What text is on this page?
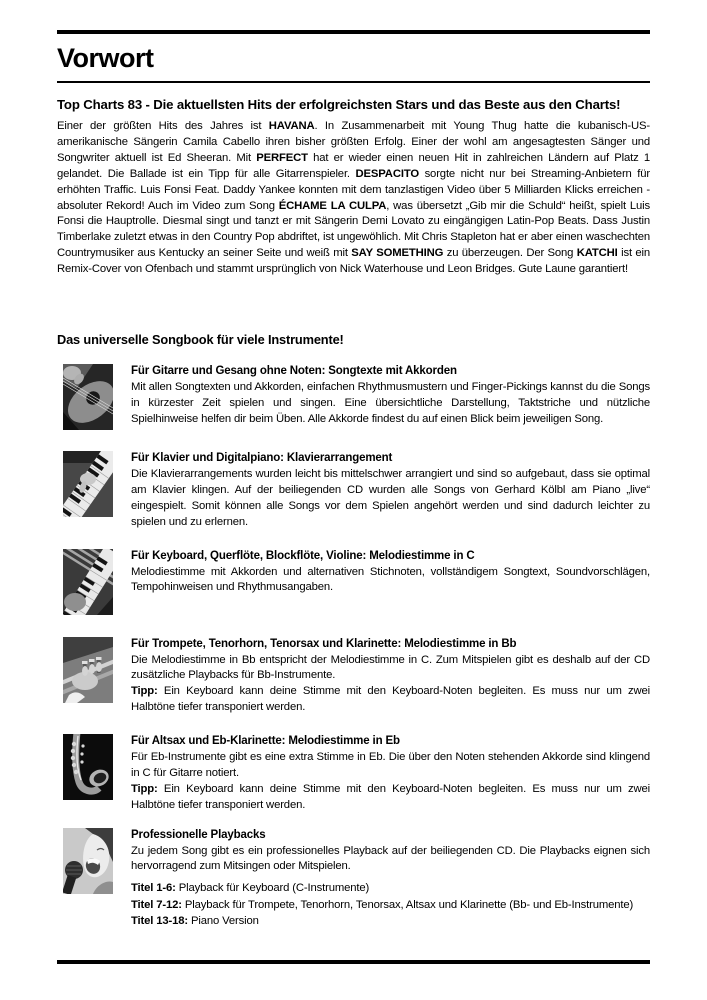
Vorwort

Top Charts 83 - Die aktuellsten Hits der erfolgreichsten Stars und das Beste aus den Charts!

Einer der größten Hits des Jahres ist HAVANA. In Zusammenarbeit mit Young Thug hatte die kubanisch-US-amerikanische Sängerin Camila Cabello ihren bisher größten Erfolg. Einer der wohl am angesagtesten Sänger und Songwriter aktuell ist Ed Sheeran. Mit PERFECT hat er wieder einen neuen Hit in zahlreichen Ländern auf Platz 1 gelandet. Die Ballade ist ein Tipp für alle Gitarrenspieler. DESPACITO sorgte nicht nur bei Streaming-Anbietern für erhöhten Traffic. Luis Fonsi Feat. Daddy Yankee konnten mit dem tanzlastigen Video über 5 Milliarden Klicks erreichen - absoluter Rekord! Auch im Video zum Song ÉCHAME LA CULPA, was übersetzt „Gib mir die Schuld“ heißt, spielt Luis Fonsi die Hauptrolle. Diesmal singt und tanzt er mit Sängerin Demi Lovato zu eingängigen Latin-Pop Beats. Dass Justin Timberlake zuletzt etwas in den Country Pop abdriftet, ist ungewöhlich. Mit Chris Stapleton hat er aber einen waschechten Countrymusiker aus Kentucky an seiner Seite und weiß mit SAY SOMETHING zu überzeugen. Der Song KATCHI ist ein Remix-Cover von Ofenbach und stammt ursprünglich von Nick Waterhouse und Leon Bridges. Gute Laune garantiert!

Das universelle Songbook für viele Instrumente!

Für Gitarre und Gesang ohne Noten: Songtexte mit Akkorden

Mit allen Songtexten und Akkorden, einfachen Rhythmusmustern und Finger-Pickings kannst du die Songs in kürzester Zeit spielen und singen. Eine übersichtliche Darstellung, Taktstriche und nützliche Spielhinweise helfen dir beim Üben. Alle Akkorde findest du auf einen Blick beim jeweiligen Song.

Für Klavier und Digitalpiano: Klavierarrangement

Die Klavierarrangements wurden leicht bis mittelschwer arrangiert und sind so aufgebaut, dass sie optimal am Klavier klingen. Auf der beiliegenden CD wurden alle Songs von Gerhard Kölbl am Piano „live“ eingespielt. Somit können alle Songs vor dem Spielen angehört werden und sind dadurch leichter zu spielen und zu erlernen.

Für Keyboard, Querflöte, Blockflöte, Violine: Melodiestimme in C

Melodiestimme mit Akkorden und alternativen Stichnoten, vollständigem Songtext, Soundvorschlägen, Tempohinweisen und Rhythmusangaben.

Für Trompete, Tenorhorn, Tenorsax und Klarinette: Melodiestimme in Bb

Die Melodiestimme in Bb entspricht der Melodiestimme in C. Zum Mitspielen gibt es deshalb auf der CD zusätzliche Playbacks für Bb-Instrumente.

Tipp: Ein Keyboard kann deine Stimme mit den Keyboard-Noten begleiten. Es muss nur um zwei Halbtöne tiefer transponiert werden.

Für Altsax und Eb-Klarinette: Melodiestimme in Eb

Für Eb-Instrumente gibt es eine extra Stimme in Eb. Die über den Noten stehenden Akkorde sind klingend in C für Gitarre notiert.

Tipp: Ein Keyboard kann deine Stimme mit den Keyboard-Noten begleiten. Es muss nur um zwei Halbtöne tiefer transponiert werden.

Professionelle Playbacks

Zu jedem Song gibt es ein professionelles Playback auf der beiliegenden CD. Die Playbacks eignen sich hervorragend zum Mitsingen oder Mitspielen.

Titel 1-6: Playback für Keyboard (C-Instrumente)

Titel 7-12: Playback für Trompete, Tenorhorn, Tenorsax, Altsax und Klarinette (Bb- und Eb-Instrumente)

Titel 13-18: Piano Version
